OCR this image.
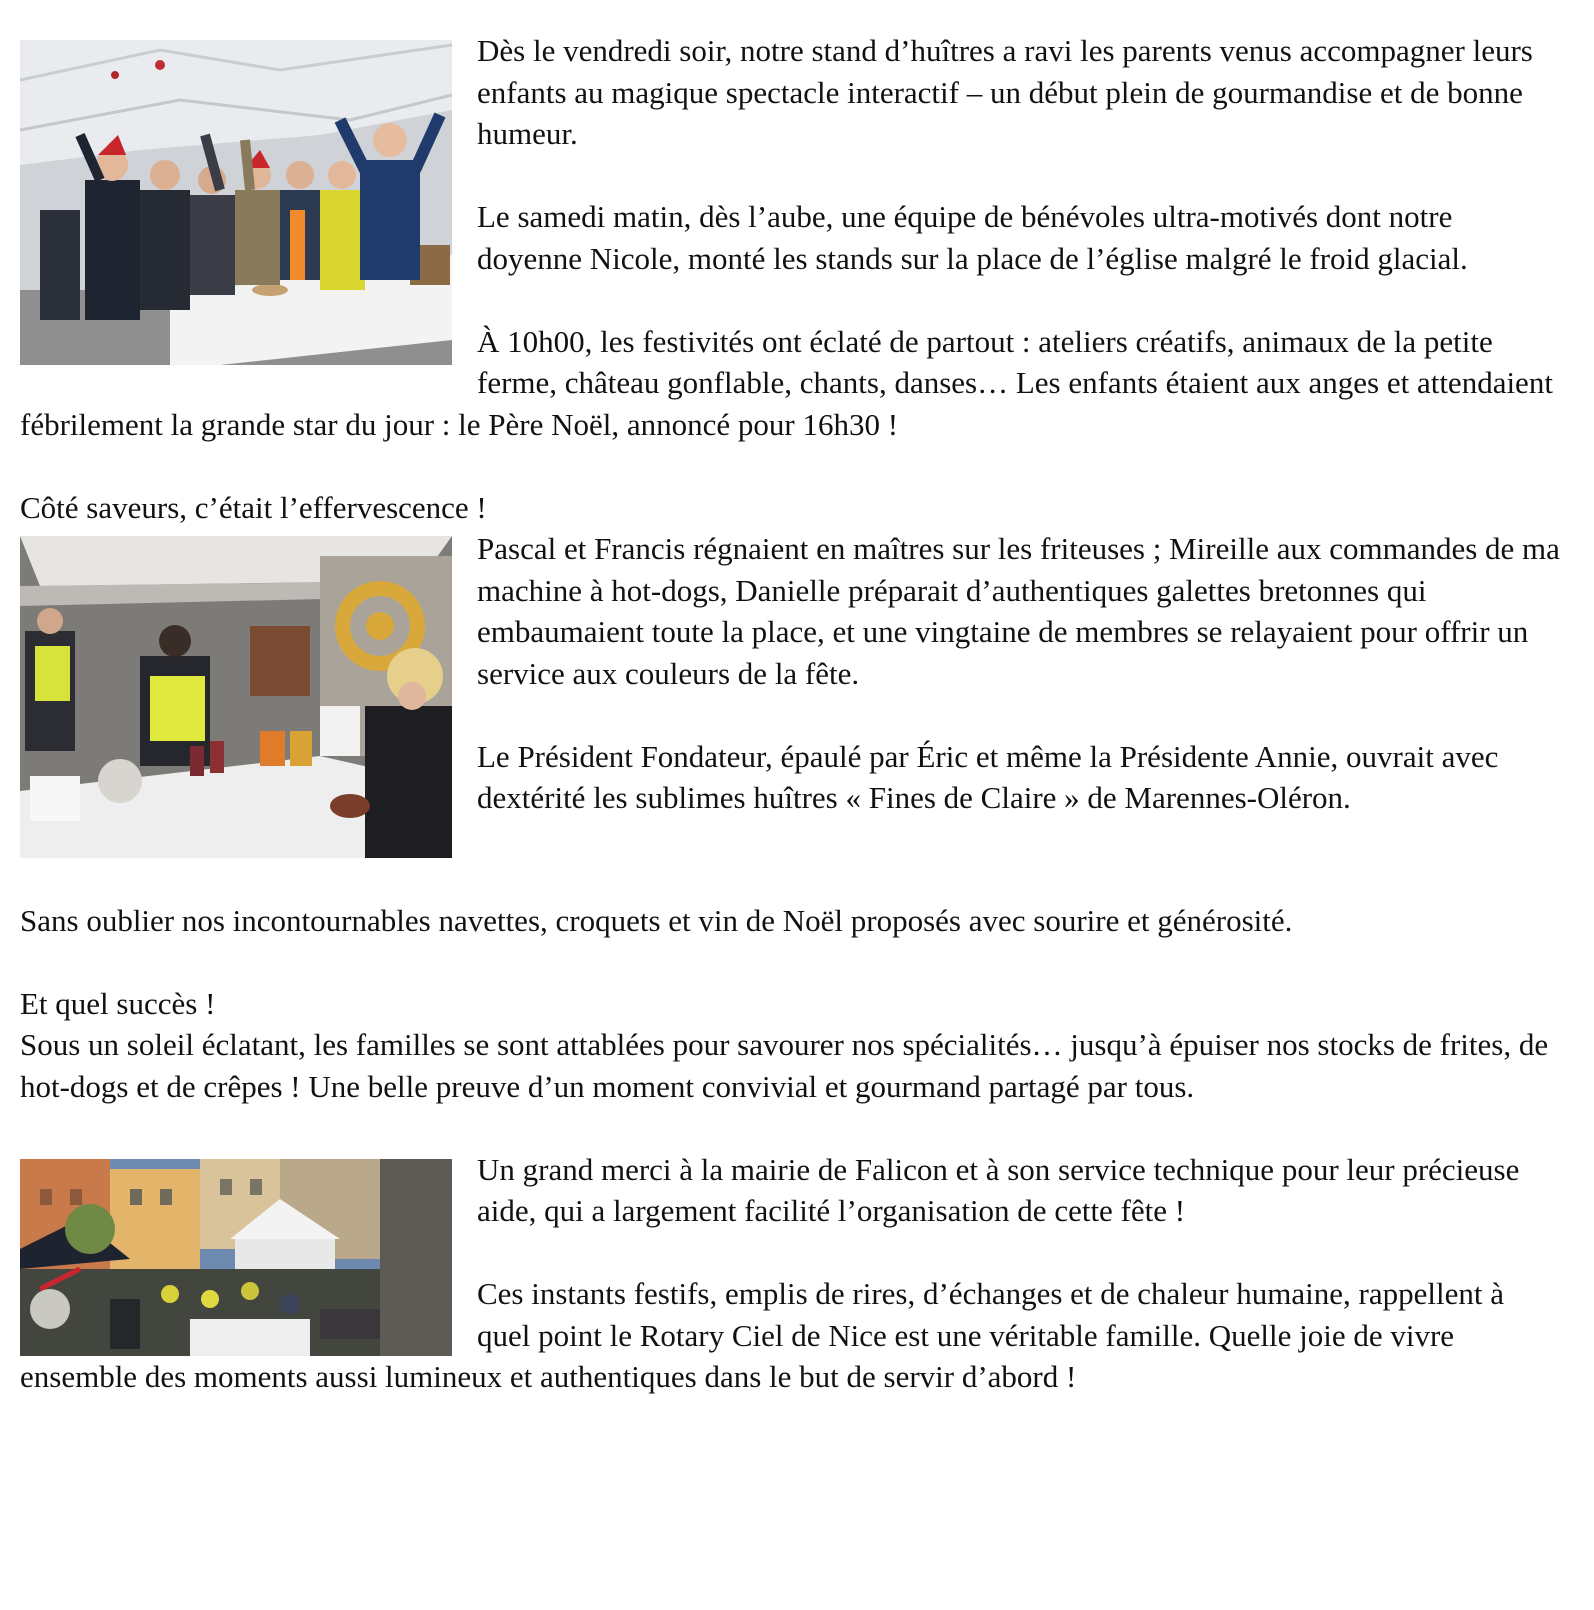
Dès le vendredi soir, notre stand d’huîtres a ravi les parents venus accompagner leurs enfants au magique spectacle interactif – un début plein de gourmandise et de bonne humeur.

Le samedi matin, dès l’aube, une équipe de bénévoles ultra-motivés dont notre doyenne Nicole, monté les stands sur la place de l’église malgré le froid glacial.

À 10h00, les festivités ont éclaté de partout : ateliers créatifs, animaux de la petite ferme, château gonflable, chants, danses… Les enfants étaient aux anges et attendaient fébrilement la grande star du jour : le Père Noël, annoncé pour 16h30 !

Côté saveurs, c’était l’effervescence !

Pascal et Francis régnaient en maîtres sur les friteuses ; Mireille aux commandes de ma machine à hot-dogs, Danielle préparait d’authentiques galettes bretonnes qui embaumaient toute la place, et une vingtaine de membres se relayaient pour offrir un service aux couleurs de la fête.

Le Président Fondateur, épaulé par Éric et même la Présidente Annie, ouvrait avec dextérité les sublimes huîtres « Fines de Claire » de Marennes-Oléron.

Sans oublier nos incontournables navettes, croquets et vin de Noël proposés avec sourire et générosité.

Et quel succès !

Sous un soleil éclatant, les familles se sont attablées pour savourer nos spécialités… jusqu’à épuiser nos stocks de frites, de hot-dogs et de crêpes ! Une belle preuve d’un moment convivial et gourmand partagé par tous.

Un grand merci à la mairie de Falicon et à son service technique pour leur précieuse aide, qui a largement facilité l’organisation de cette fête !

Ces instants festifs, emplis de rires, d’échanges et de chaleur humaine, rappellent à quel point le Rotary Ciel de Nice est une véritable famille. Quelle joie de vivre ensemble des moments aussi lumineux et authentiques dans le but de servir d’abord !
